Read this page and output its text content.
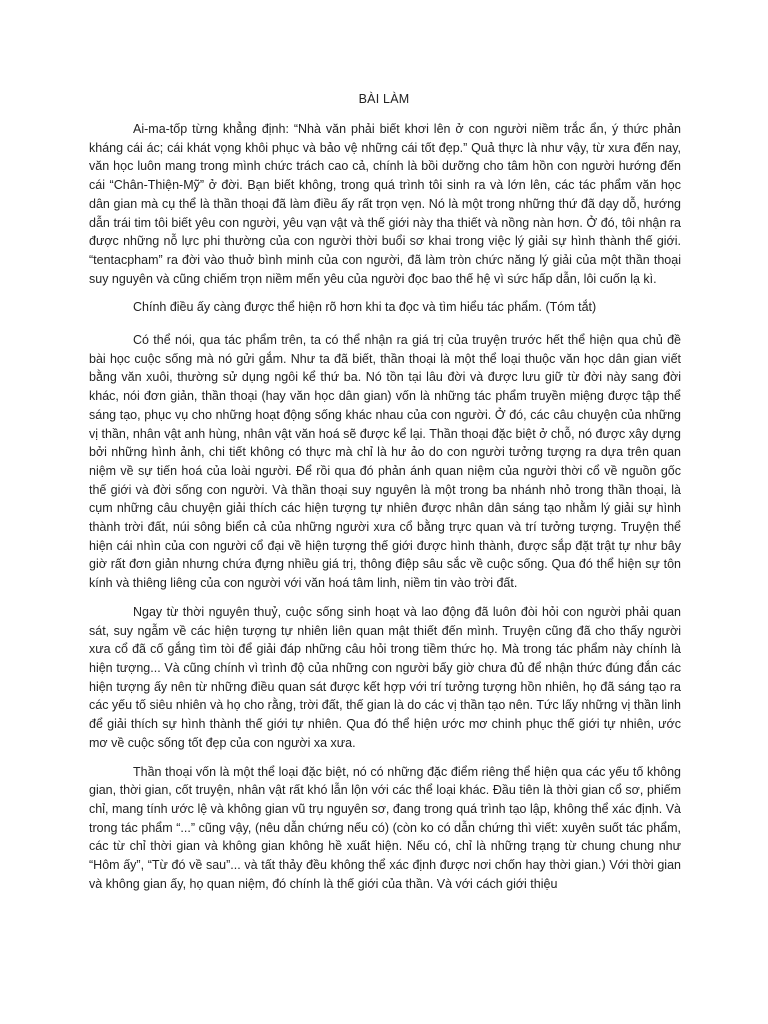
BÀI LÀM

Ai-ma-tốp từng khẳng định: “Nhà văn phải biết khơi lên ở con người niềm trắc ẩn, ý thức phản kháng cái ác; cái khát vọng khôi phục và bảo vệ những cái tốt đẹp.” Quả thực là như vậy, từ xưa đến nay, văn học luôn mang trong mình chức trách cao cả, chính là bồi dưỡng cho tâm hồn con người hướng đến cái “Chân-Thiện-Mỹ” ở đời. Bạn biết không, trong quá trình tôi sinh ra và lớn lên, các tác phẩm văn học dân gian mà cụ thể là thần thoại đã làm điều ấy rất trọn vẹn. Nó là một trong những thứ đã dạy dỗ, hướng dẫn trái tim tôi biết yêu con người, yêu vạn vật và thế giới này tha thiết và nồng nàn hơn. Ở đó, tôi nhận ra được những nỗ lực phi thường của con người thời buổi sơ khai trong việc lý giải sự hình thành thế giới. “tentacpham” ra đời vào thuở bình minh của con người, đã làm tròn chức năng lý giải của một thần thoại suy nguyên và cũng chiếm trọn niềm mến yêu của người đọc bao thế hệ vì sức hấp dẫn, lôi cuốn lạ kì.

Chính điều ấy càng được thể hiện rõ hơn khi ta đọc và tìm hiểu tác phẩm. (Tóm tắt)

Có thể nói, qua tác phẩm trên, ta có thể nhận ra giá trị của truyện trước hết thể hiện qua chủ đề bài học cuộc sống mà nó gửi gắm. Như ta đã biết, thần thoại là một thể loại thuộc văn học dân gian viết bằng văn xuôi, thường sử dụng ngôi kể thứ ba. Nó tồn tại lâu đời và được lưu giữ từ đời này sang đời khác, nói đơn giản, thần thoại (hay văn học dân gian) vốn là những tác phẩm truyền miệng được tập thể sáng tạo, phục vụ cho những hoạt động sống khác nhau của con người. Ở đó, các câu chuyện của những vị thần, nhân vật anh hùng, nhân vật văn hoá sẽ được kể lại. Thần thoại đặc biệt ở chỗ, nó được xây dựng bởi những hình ảnh, chi tiết không có thực mà chỉ là hư ảo do con người tưởng tượng ra dựa trên quan niệm về sự tiến hoá của loài người. Để rồi qua đó phản ánh quan niệm của người thời cổ về nguồn gốc thế giới và đời sống con người. Và thần thoại suy nguyên là một trong ba nhánh nhỏ trong thần thoại, là cụm những câu chuyện giải thích các hiện tượng tự nhiên được nhân dân sáng tạo nhằm lý giải sự hình thành trời đất, núi sông biển cả của những người xưa cổ bằng trực quan và trí tưởng tượng. Truyện thể hiện cái nhìn của con người cổ đại về hiện tượng thế giới được hình thành, được sắp đặt trật tự như bây giờ rất đơn giản nhưng chứa đựng nhiều giá trị, thông điệp sâu sắc về cuộc sống. Qua đó thể hiện sự tôn kính và thiêng liêng của con người với văn hoá tâm linh, niềm tin vào trời đất.

Ngay từ thời nguyên thuỷ, cuộc sống sinh hoạt và lao động đã luôn đòi hỏi con người phải quan sát, suy ngẫm về các hiện tượng tự nhiên liên quan mật thiết đến mình. Truyện cũng đã cho thấy người xưa cổ đã cố gắng tìm tòi để giải đáp những câu hỏi trong tiềm thức họ. Mà trong tác phẩm này chính là hiện tượng... Và cũng chính vì trình độ của những con người bấy giờ chưa đủ để nhận thức đúng đắn các hiện tượng ấy nên từ những điều quan sát được kết hợp với trí tưởng tượng hồn nhiên, họ đã sáng tạo ra các yếu tố siêu nhiên và họ cho rằng, trời đất, thế gian là do các vị thần tạo nên. Tức lấy những vị thần linh để giải thích sự hình thành thế giới tự nhiên. Qua đó thể hiện ước mơ chinh phục thế giới tự nhiên, ước mơ về cuộc sống tốt đẹp của con người xa xưa.

Thần thoại vốn là một thể loại đặc biệt, nó có những đặc điểm riêng thể hiện qua các yếu tố không gian, thời gian, cốt truyện, nhân vật rất khó lẫn lộn với các thể loại khác. Đầu tiên là thời gian cổ sơ, phiếm chỉ, mang tính ước lệ và không gian vũ trụ nguyên sơ, đang trong quá trình tạo lập, không thể xác định. Và trong tác phẩm “...” cũng vậy, (nêu dẫn chứng nếu có) (còn ko có dẫn chứng thì viết: xuyên suốt tác phẩm, các từ chỉ thời gian và không gian không hề xuất hiện. Nếu có, chỉ là những trạng từ chung chung như “Hôm ấy”, “Từ đó về sau”... và tất thảy đều không thể xác định được nơi chốn hay thời gian.) Với thời gian và không gian ấy, họ quan niệm, đó chính là thế giới của thần. Và với cách giới thiệu
